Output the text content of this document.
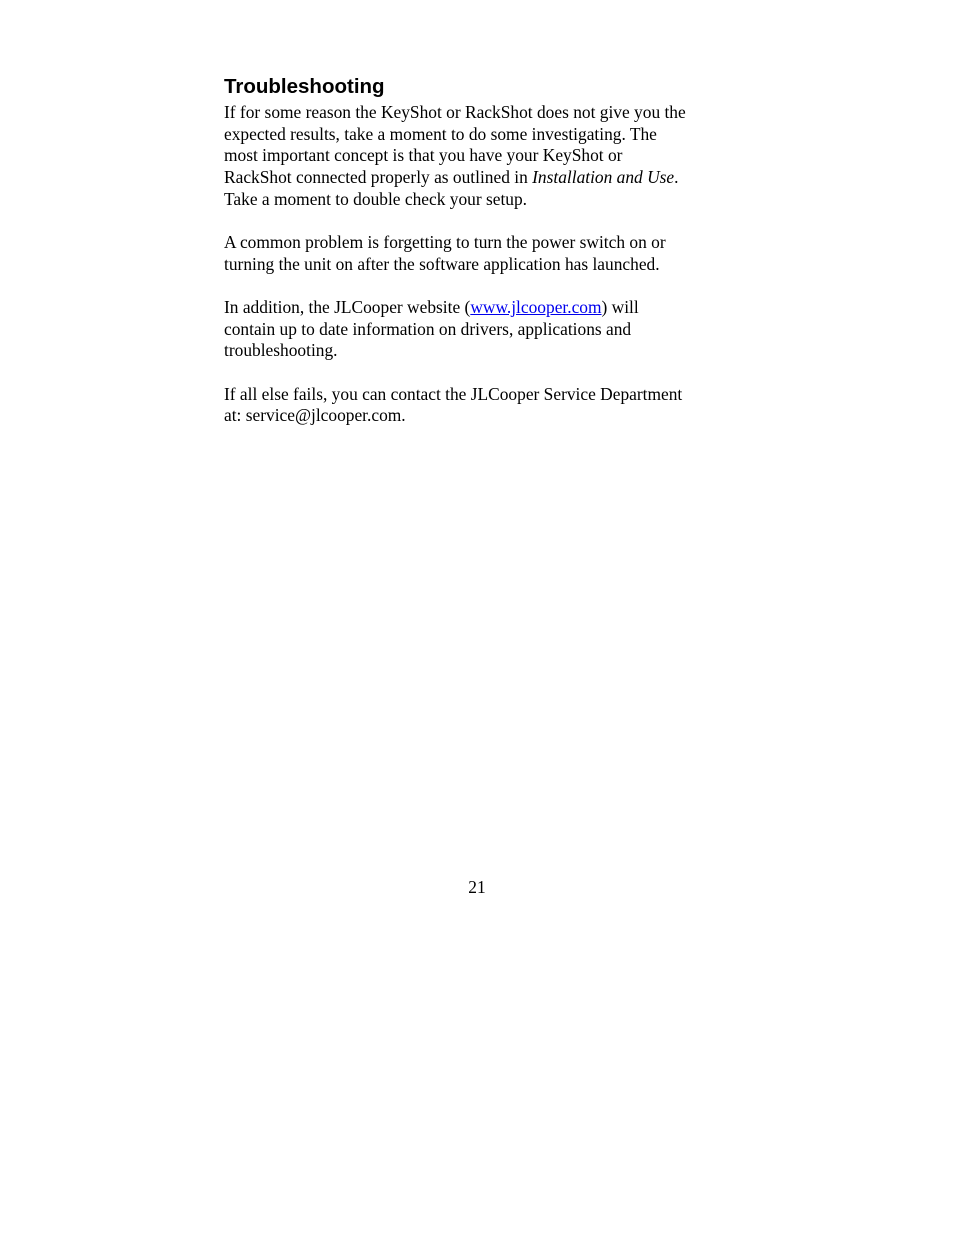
Troubleshooting

If for some reason the KeyShot or RackShot does not give you the
expected results, take a moment to do some investigating. The
most important concept is that you have your KeyShot or
RackShot connected properly as outlined in Installation and Use.
Take a moment to double check your setup.

A common problem is forgetting to turn the power switch on or
turning the unit on after the software application has launched.

In addition, the JLCooper website (www.jlcooper.com) will
contain up to date information on drivers, applications and
troubleshooting.

If all else fails, you can contact the JLCooper Service Department
at: service@jlcooper.com.

21
